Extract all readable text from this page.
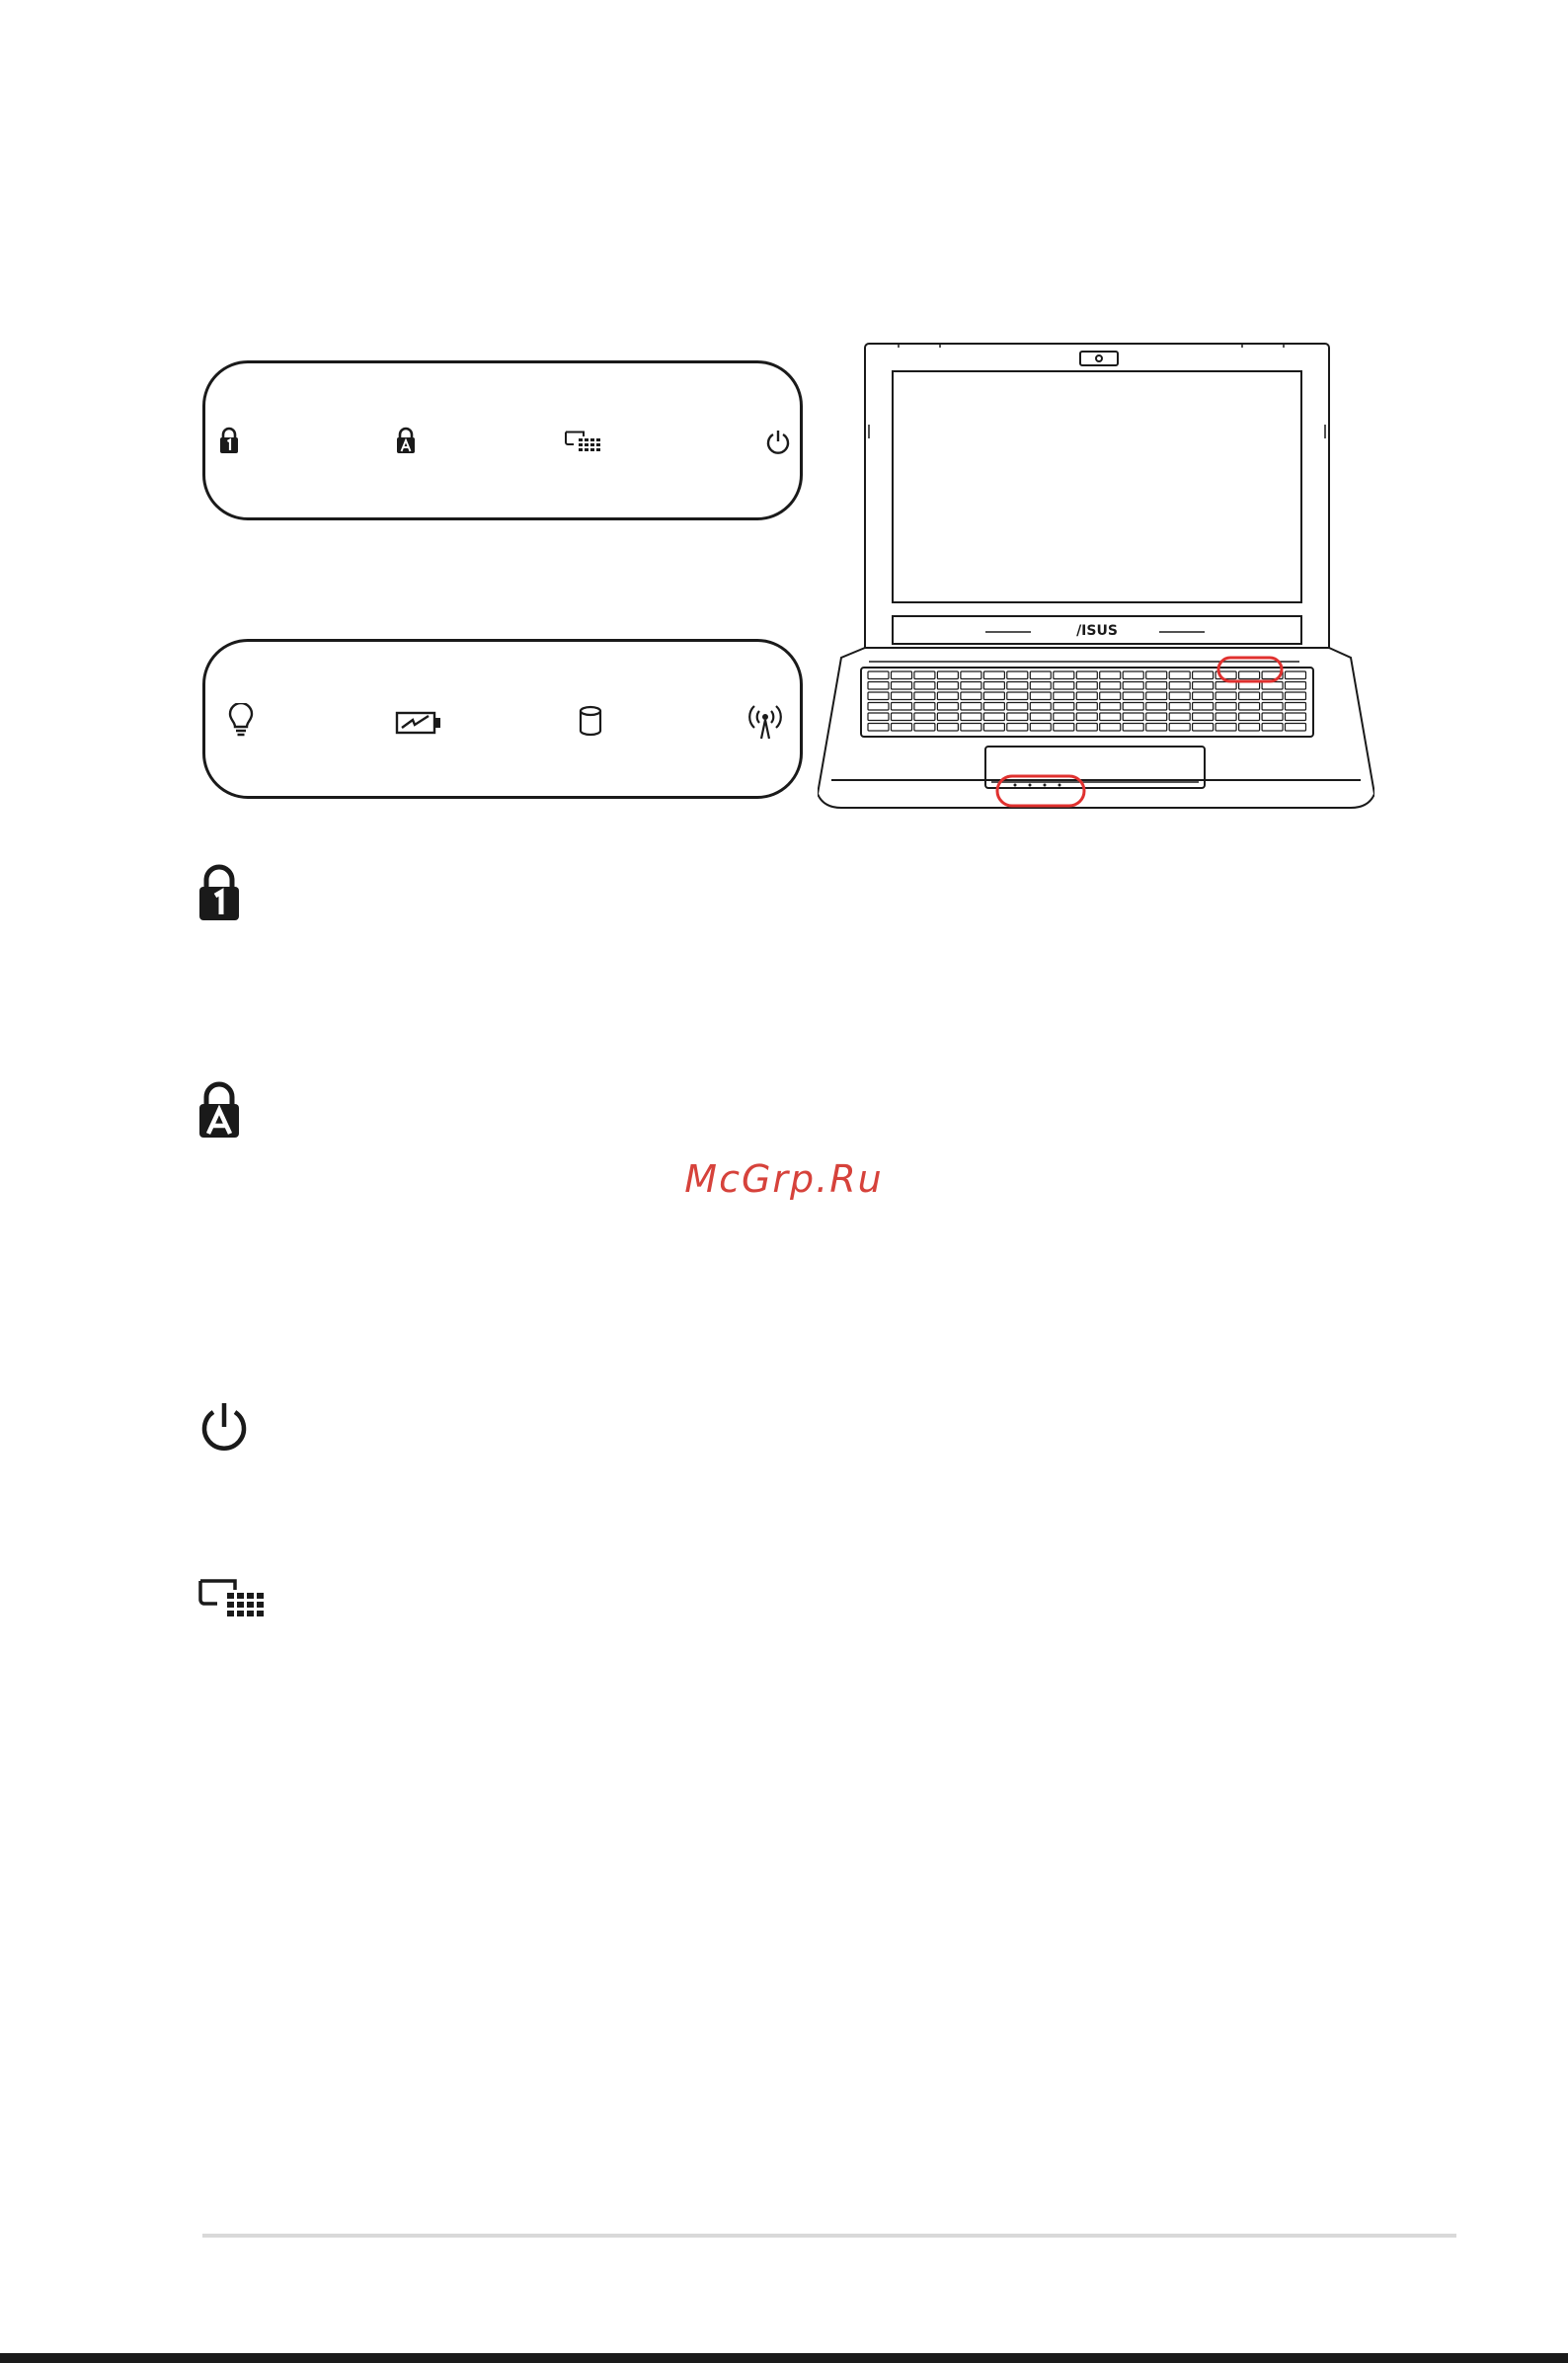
/ISUS
McGrp.Ru
